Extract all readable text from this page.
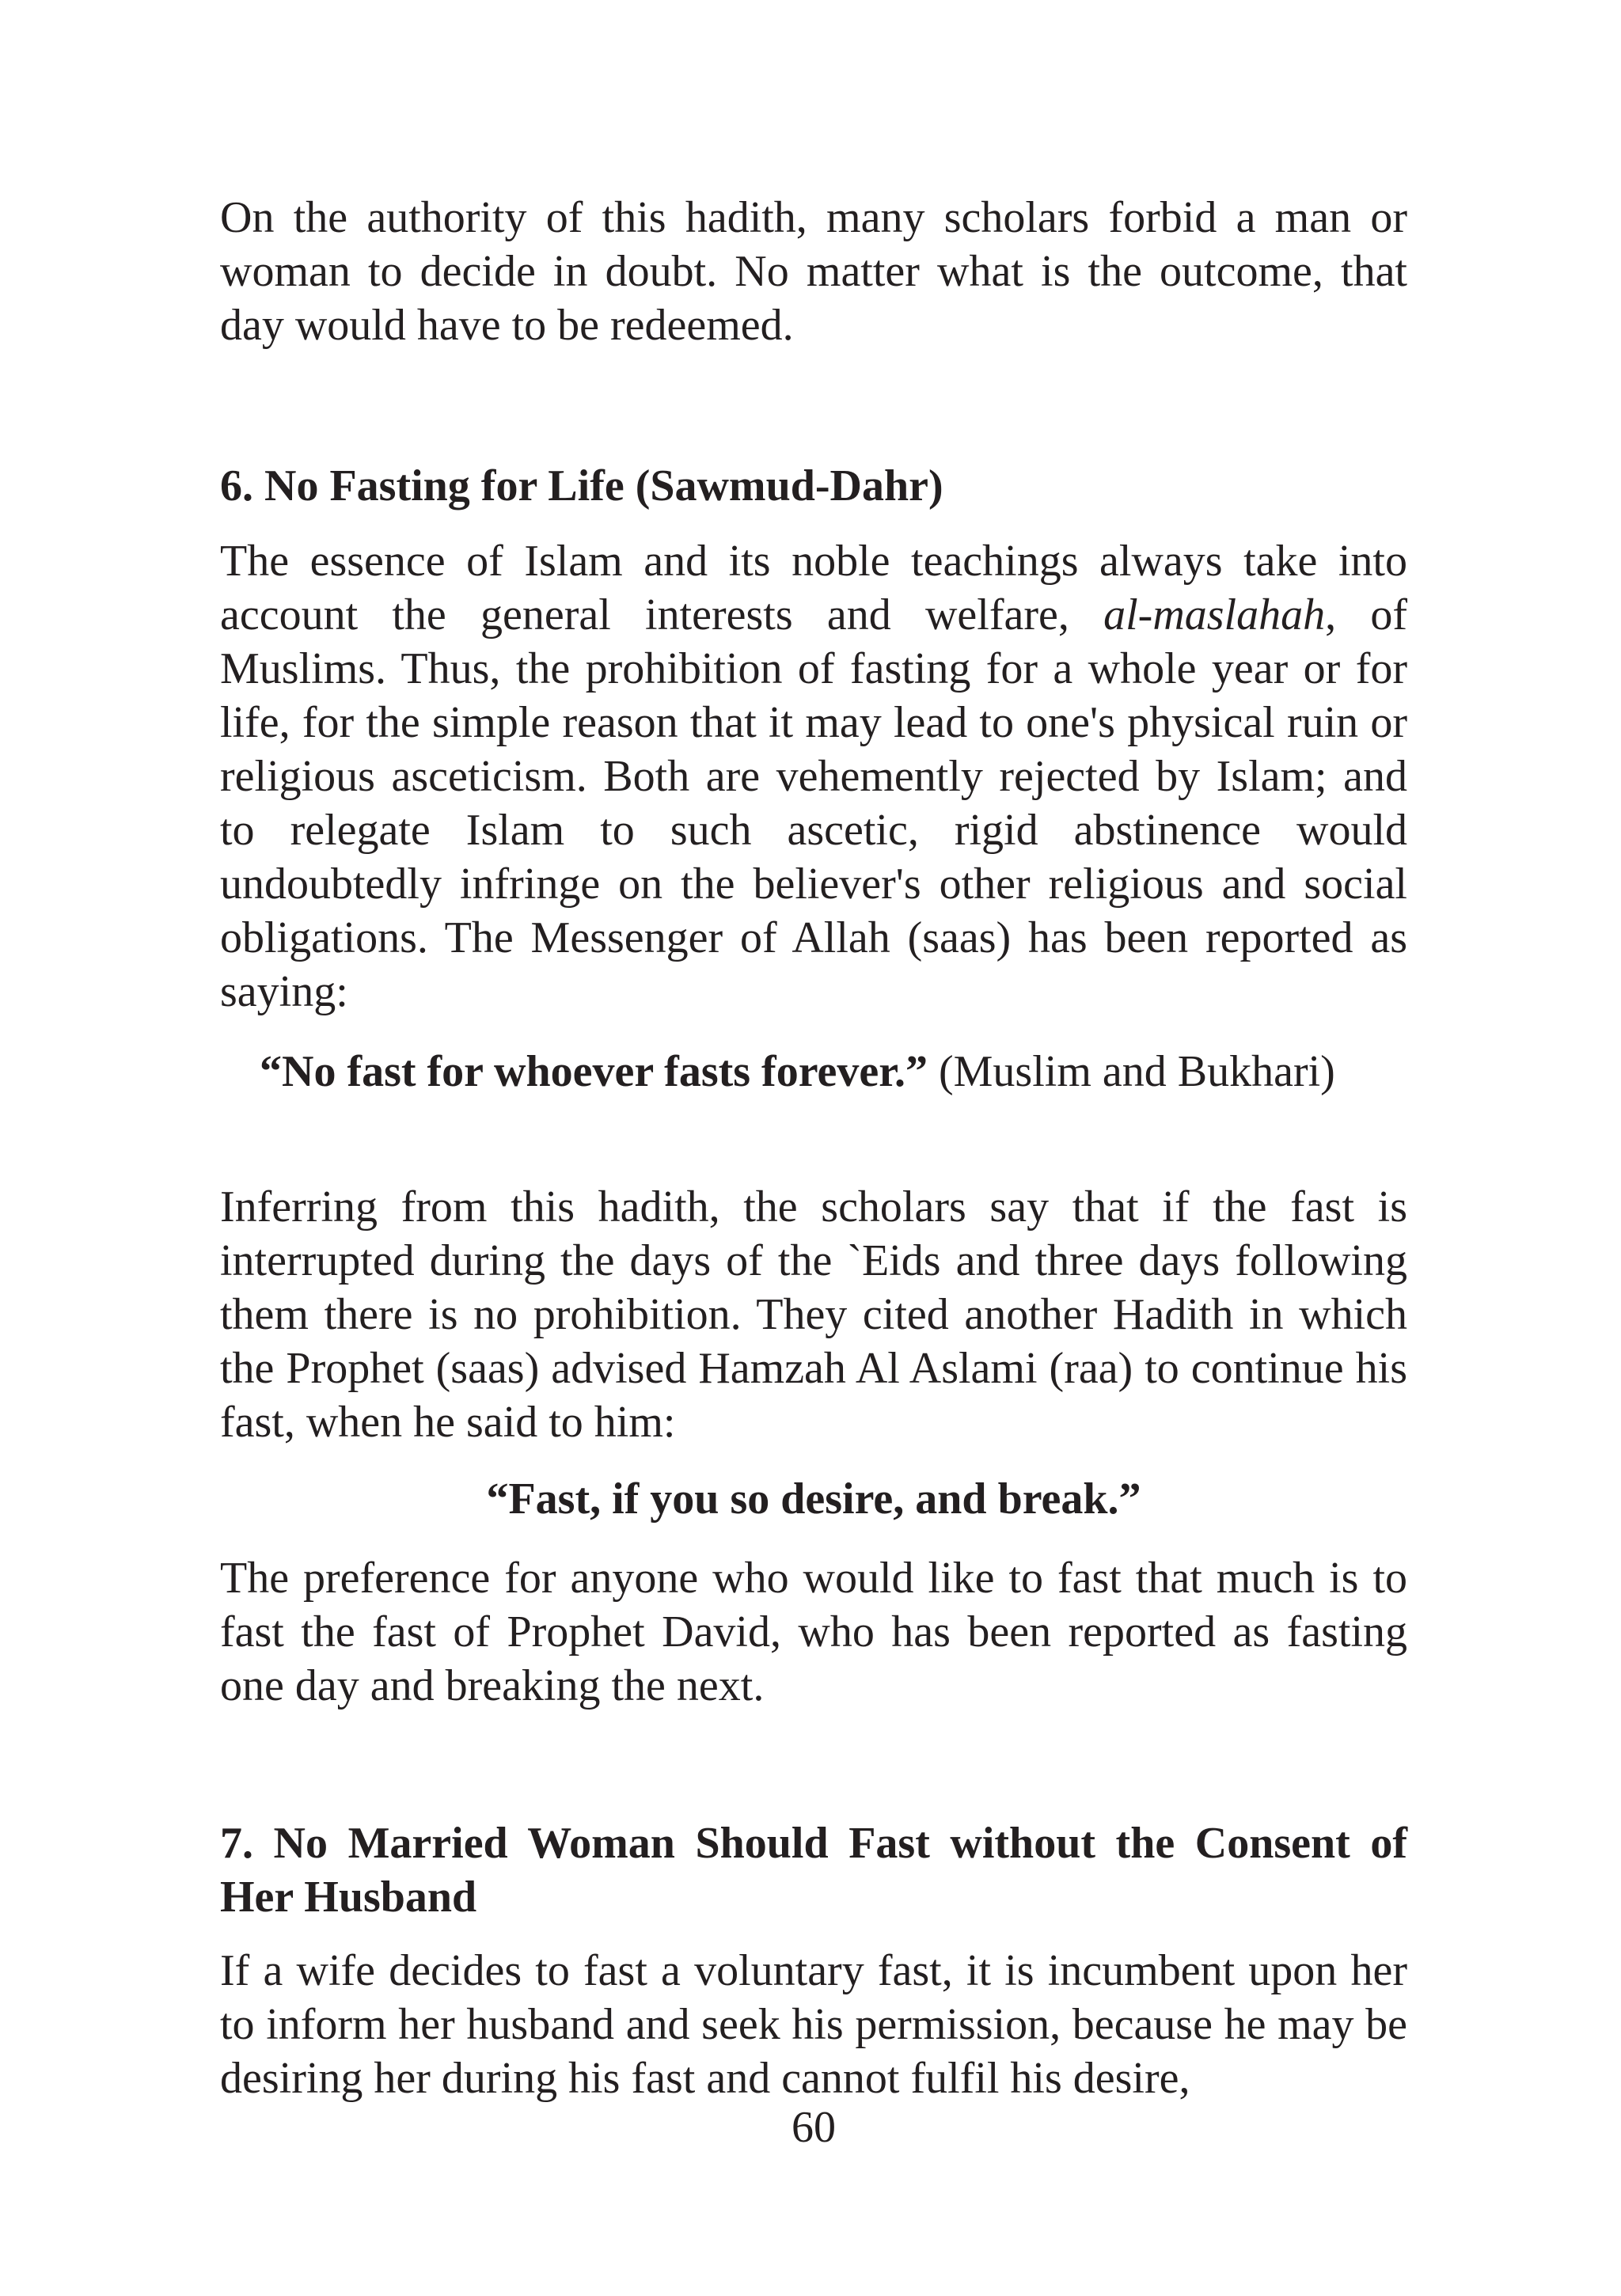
On the authority of this hadith, many scholars forbid a man or woman to decide in doubt. No matter what is the outcome, that day would have to be redeemed.

6. No Fasting for Life (Sawmud-Dahr)

The essence of Islam and its noble teachings always take into account the general interests and welfare, al-maslahah, of Muslims. Thus, the prohibition of fasting for a whole year or for life, for the simple reason that it may lead to one's physical ruin or religious asceticism. Both are vehemently rejected by Islam; and to relegate Islam to such ascetic, rigid abstinence would undoubtedly infringe on the believer's other religious and social obligations. The Messenger of Allah (saas) has been reported as saying:

“No fast for whoever fasts forever.” (Muslim and Bukhari)

Inferring from this hadith, the scholars say that if the fast is interrupted during the days of the `Eids and three days following them there is no prohibition. They cited another Hadith in which the Prophet (saas) advised Hamzah Al Aslami (raa) to continue his fast, when he said to him:

“Fast, if you so desire, and break.”

The preference for anyone who would like to fast that much is to fast the fast of Prophet David, who has been reported as fasting one day and breaking the next.

7. No Married Woman Should Fast without the Consent of Her Husband

If a wife decides to fast a voluntary fast, it is incumbent upon her to inform her husband and seek his permission, because he may be desiring her during his fast and cannot fulfil his desire,

60
